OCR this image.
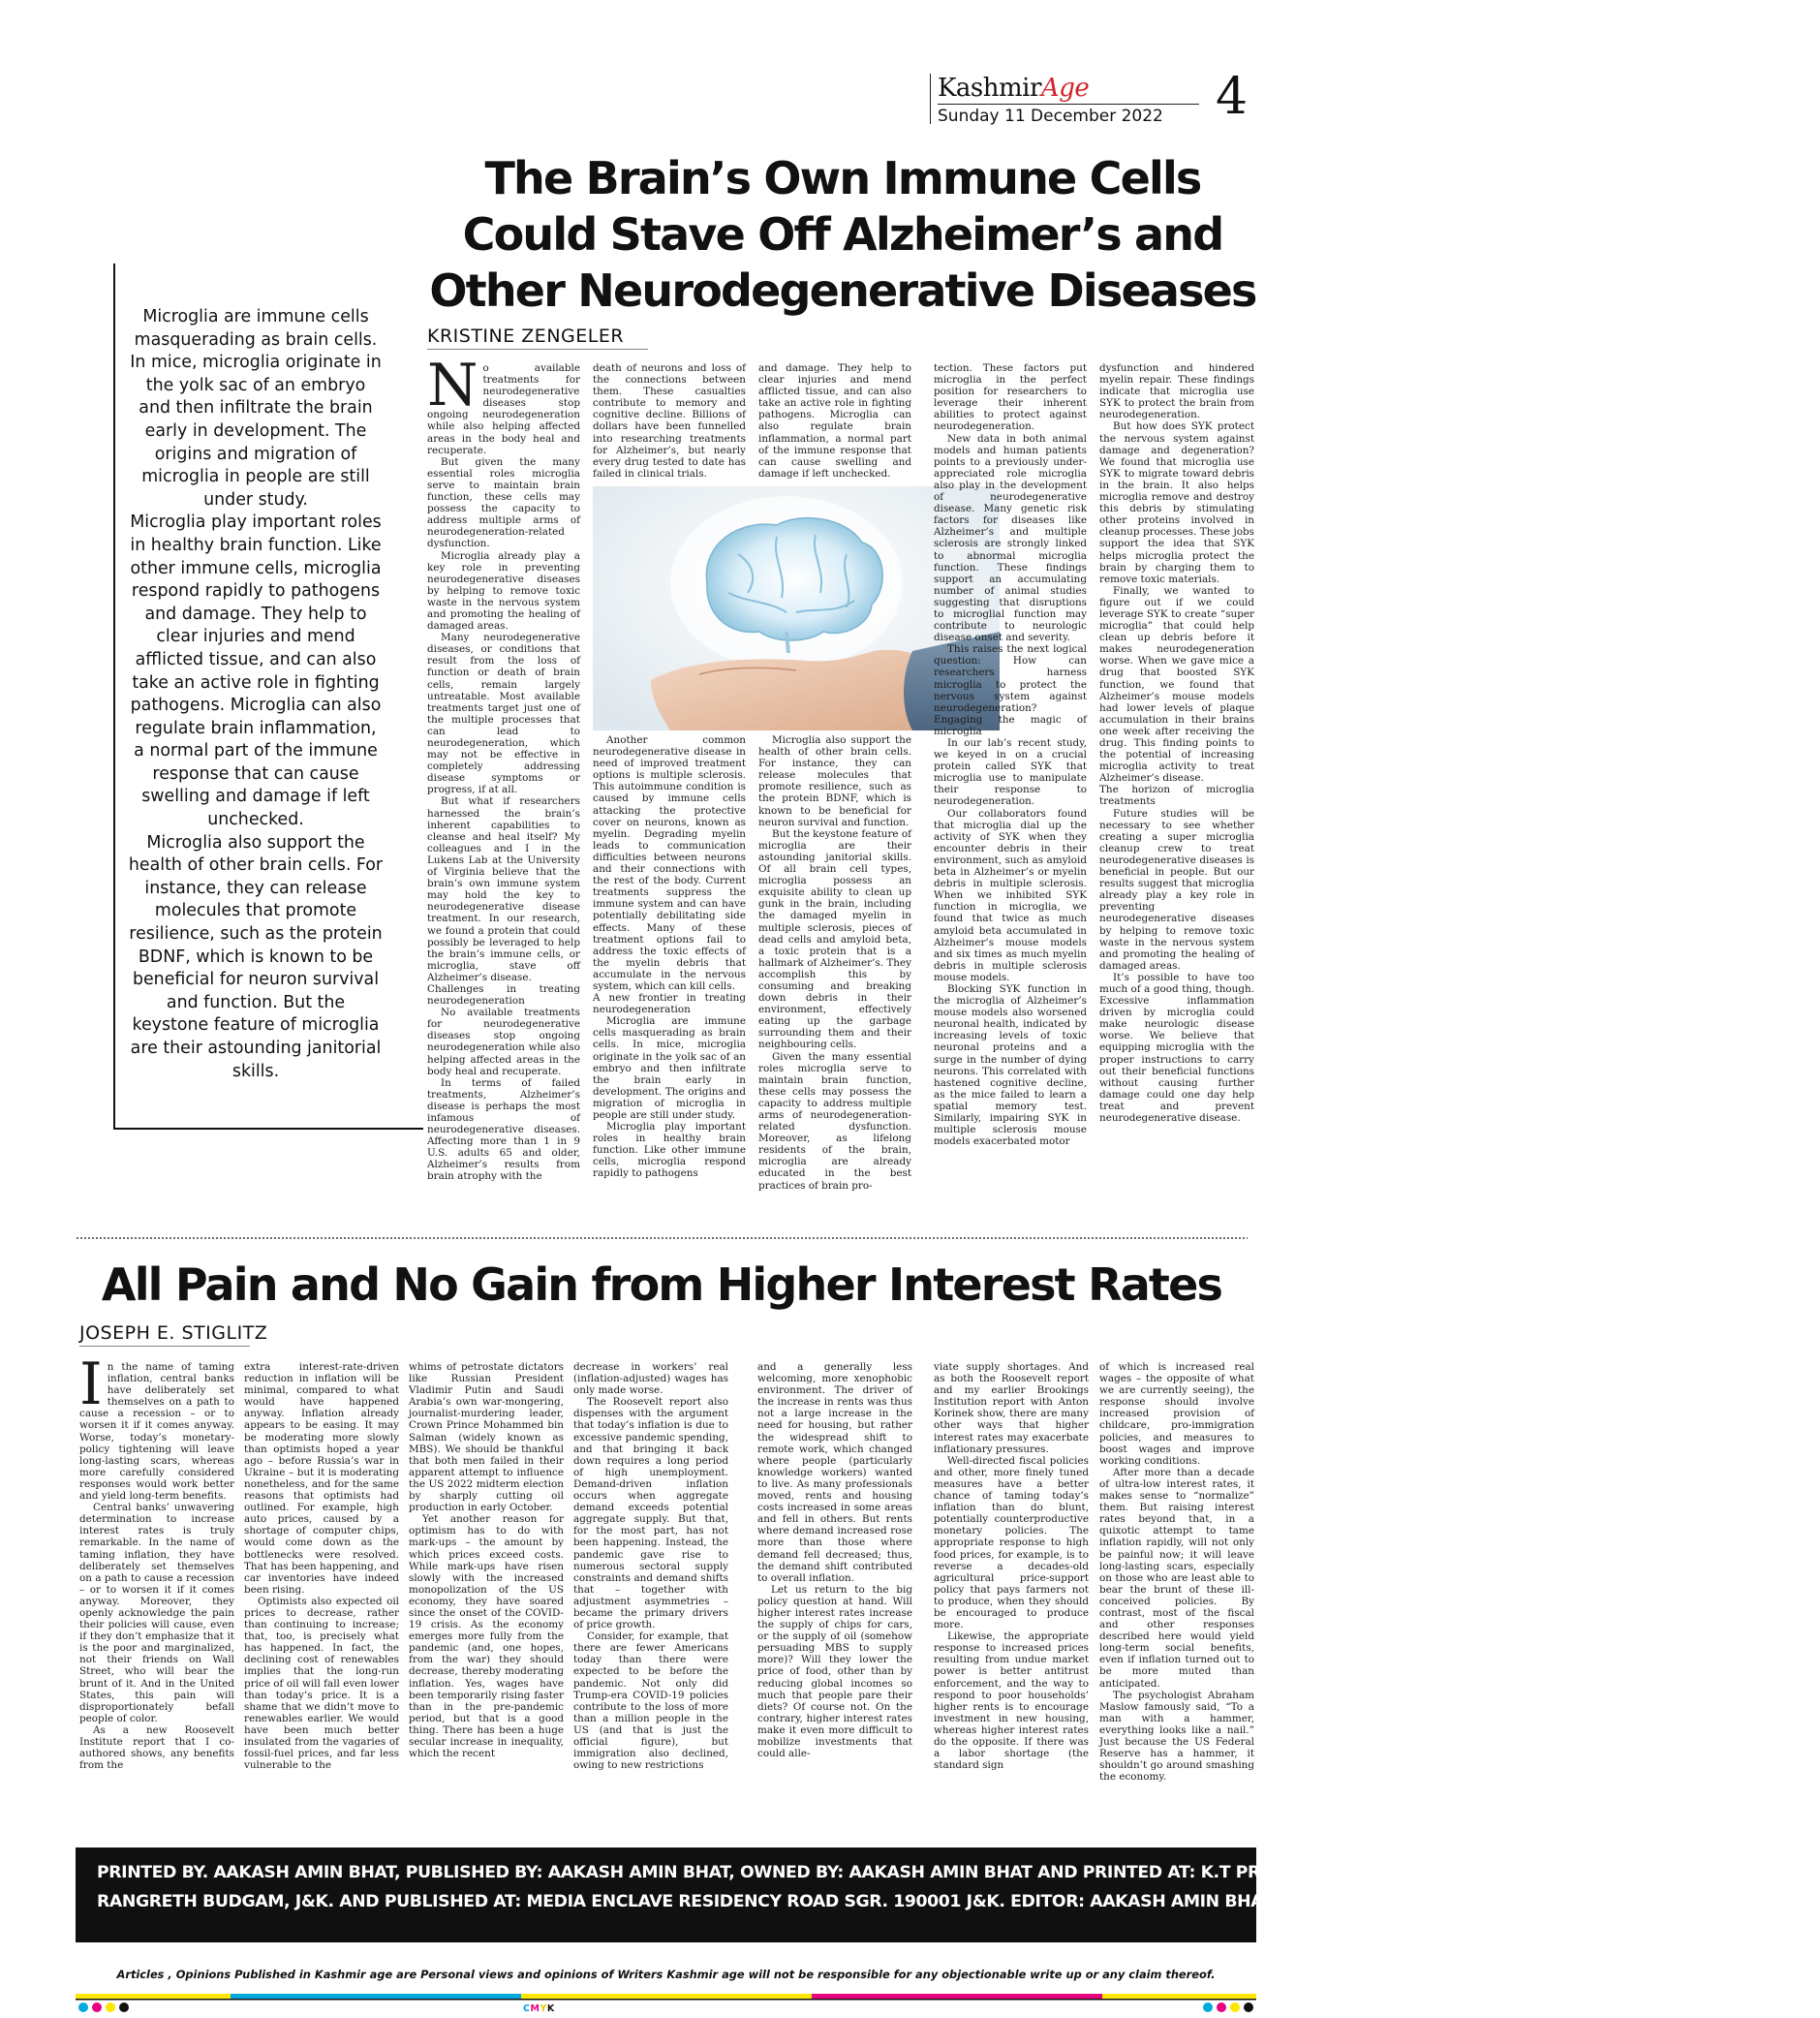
KashmirAge
Sunday 11 December 2022 4
The Brain’s Own Immune Cells Could Stave Off Alzheimer’s and Other Neurodegenerative Diseases
KRISTINE ZENGELER

Microglia are immune cells masquerading as brain cells. In mice, microglia originate in the yolk sac of an embryo and then infiltrate the brain early in development. The origins and migration of microglia in people are still under study.

Microglia play important roles in healthy brain function. Like other immune cells, microglia respond rapidly to pathogens and damage. They help to clear injuries and mend afflicted tissue, and can also take an active role in fighting pathogens. Microglia can also regulate brain inflammation, a normal part of the immune response that can cause swelling and damage if left unchecked.

Microglia also support the health of other brain cells. For instance, they can release molecules that promote resilience, such as the protein BDNF, which is known to be beneficial for neuron survival and function. But the keystone feature of microglia are their astounding janitorial skills.

No available treatments for neurodegenerative diseases stop ongoing neurodegeneration while also helping affected areas in the body heal and recuperate.

But given the many essential roles microglia serve to maintain brain function, these cells may possess the capacity to address multiple arms of neurodegeneration-related dysfunction.

Microglia already play a key role in preventing neurodegenerative diseases by helping to remove toxic waste in the nervous system and promoting the healing of damaged areas.

Many neurodegenerative diseases, or conditions that result from the loss of function or death of brain cells, remain largely untreatable. Most available treatments target just one of the multiple processes that can lead to neurodegeneration, which may not be effective in completely addressing disease symptoms or progress, if at all.

But what if researchers harnessed the brain’s inherent capabilities to cleanse and heal itself? My colleagues and I in the Lukens Lab at the University of Virginia believe that the brain’s own immune system may hold the key to neurodegenerative disease treatment. In our research, we found a protein that could possibly be leveraged to help the brain’s immune cells, or microglia, stave off Alzheimer’s disease.

Challenges in treating neurodegeneration

No available treatments for neurodegenerative diseases stop ongoing neurodegeneration while also helping affected areas in the body heal and recuperate.

In terms of failed treatments, Alzheimer’s disease is perhaps the most infamous of neurodegenerative diseases. Affecting more than 1 in 9 U.S. adults 65 and older, Alzheimer’s results from brain atrophy with the

death of neurons and loss of the connections between them. These casualties contribute to memory and cognitive decline. Billions of dollars have been funnelled into researching treatments for Alzheimer’s, but nearly every drug tested to date has failed in clinical trials.

and damage. They help to clear injuries and mend afflicted tissue, and can also take an active role in fighting pathogens. Microglia can also regulate brain inflammation, a normal part of the immune response that can cause swelling and damage if left unchecked.

Another common neurodegenerative disease in need of improved treatment options is multiple sclerosis. This autoimmune condition is caused by immune cells attacking the protective cover on neurons, known as myelin. Degrading myelin leads to communication difficulties between neurons and their connections with the rest of the body. Current treatments suppress the immune system and can have potentially debilitating side effects. Many of these treatment options fail to address the toxic effects of the myelin debris that accumulate in the nervous system, which can kill cells.

A new frontier in treating neurodegeneration

Microglia are immune cells masquerading as brain cells. In mice, microglia originate in the yolk sac of an embryo and then infiltrate the brain early in development. The origins and migration of microglia in people are still under study.

Microglia play important roles in healthy brain function. Like other immune cells, microglia respond rapidly to pathogens

Microglia also support the health of other brain cells. For instance, they can release molecules that promote resilience, such as the protein BDNF, which is known to be beneficial for neuron survival and function.

But the keystone feature of microglia are their astounding janitorial skills. Of all brain cell types, microglia possess an exquisite ability to clean up gunk in the brain, including the damaged myelin in multiple sclerosis, pieces of dead cells and amyloid beta, a toxic protein that is a hallmark of Alzheimer’s. They accomplish this by consuming and breaking down debris in their environment, effectively eating up the garbage surrounding them and their neighbouring cells.

Given the many essential roles microglia serve to maintain brain function, these cells may possess the capacity to address multiple arms of neurodegeneration-related dysfunction. Moreover, as lifelong residents of the brain, microglia are already educated in the best practices of brain pro-

tection. These factors put microglia in the perfect position for researchers to leverage their inherent abilities to protect against neurodegeneration.

New data in both animal models and human patients points to a previously under-appreciated role microglia also play in the development of neurodegenerative disease. Many genetic risk factors for diseases like Alzheimer’s and multiple sclerosis are strongly linked to abnormal microglia function. These findings support an accumulating number of animal studies suggesting that disruptions to microglial function may contribute to neurologic disease onset and severity.

This raises the next logical question: How can researchers harness microglia to protect the nervous system against neurodegeneration?

Engaging the magic of microglia

In our lab’s recent study, we keyed in on a crucial protein called SYK that microglia use to manipulate their response to neurodegeneration.

Our collaborators found that microglia dial up the activity of SYK when they encounter debris in their environment, such as amyloid beta in Alzheimer’s or myelin debris in multiple sclerosis. When we inhibited SYK function in microglia, we found that twice as much amyloid beta accumulated in Alzheimer’s mouse models and six times as much myelin debris in multiple sclerosis mouse models.

Blocking SYK function in the microglia of Alzheimer’s mouse models also worsened neuronal health, indicated by increasing levels of toxic neuronal proteins and a surge in the number of dying neurons. This correlated with hastened cognitive decline, as the mice failed to learn a spatial memory test. Similarly, impairing SYK in multiple sclerosis mouse models exacerbated motor

dysfunction and hindered myelin repair. These findings indicate that microglia use SYK to protect the brain from neurodegeneration.

But how does SYK protect the nervous system against damage and degeneration? We found that microglia use SYK to migrate toward debris in the brain. It also helps microglia remove and destroy this debris by stimulating other proteins involved in cleanup processes. These jobs support the idea that SYK helps microglia protect the brain by charging them to remove toxic materials.

Finally, we wanted to figure out if we could leverage SYK to create “super microglia” that could help clean up debris before it makes neurodegeneration worse. When we gave mice a drug that boosted SYK function, we found that Alzheimer’s mouse models had lower levels of plaque accumulation in their brains one week after receiving the drug. This finding points to the potential of increasing microglia activity to treat Alzheimer’s disease.

The horizon of microglia treatments

Future studies will be necessary to see whether creating a super microglia cleanup crew to treat neurodegenerative diseases is beneficial in people. But our results suggest that microglia already play a key role in preventing neurodegenerative diseases by helping to remove toxic waste in the nervous system and promoting the healing of damaged areas.

It’s possible to have too much of a good thing, though. Excessive inflammation driven by microglia could make neurologic disease worse. We believe that equipping microglia with the proper instructions to carry out their beneficial functions without causing further damage could one day help treat and prevent neurodegenerative disease.

All Pain and No Gain from Higher Interest Rates
JOSEPH E. STIGLITZ

In the name of taming inflation, central banks have deliberately set themselves on a path to cause a recession – or to worsen it if it comes anyway. Worse, today’s monetary-policy tightening will leave long-lasting scars, whereas more carefully considered responses would work better and yield long-term benefits.

Central banks’ unwavering determination to increase interest rates is truly remarkable. In the name of taming inflation, they have deliberately set themselves on a path to cause a recession – or to worsen it if it comes anyway. Moreover, they openly acknowledge the pain their policies will cause, even if they don’t emphasize that it is the poor and marginalized, not their friends on Wall Street, who will bear the brunt of it. And in the United States, this pain will disproportionately befall people of color.

As a new Roosevelt Institute report that I co-authored shows, any benefits from the

extra interest-rate-driven reduction in inflation will be minimal, compared to what would have happened anyway. Inflation already appears to be easing. It may be moderating more slowly than optimists hoped a year ago – before Russia’s war in Ukraine – but it is moderating nonetheless, and for the same reasons that optimists had outlined. For example, high auto prices, caused by a shortage of computer chips, would come down as the bottlenecks were resolved. That has been happening, and car inventories have indeed been rising.

Optimists also expected oil prices to decrease, rather than continuing to increase; that, too, is precisely what has happened. In fact, the declining cost of renewables implies that the long-run price of oil will fall even lower than today’s price. It is a shame that we didn’t move to renewables earlier. We would have been much better insulated from the vagaries of fossil-fuel prices, and far less vulnerable to the

whims of petrostate dictators like Russian President Vladimir Putin and Saudi Arabia’s own war-mongering, journalist-murdering leader, Crown Prince Mohammed bin Salman (widely known as MBS). We should be thankful that both men failed in their apparent attempt to influence the US 2022 midterm election by sharply cutting oil production in early October.

Yet another reason for optimism has to do with mark-ups – the amount by which prices exceed costs. While mark-ups have risen slowly with the increased monopolization of the US economy, they have soared since the onset of the COVID-19 crisis. As the economy emerges more fully from the pandemic (and, one hopes, from the war) they should decrease, thereby moderating inflation. Yes, wages have been temporarily rising faster than in the pre-pandemic period, but that is a good thing. There has been a huge secular increase in inequality, which the recent

decrease in workers’ real (inflation-adjusted) wages has only made worse.

The Roosevelt report also dispenses with the argument that today’s inflation is due to excessive pandemic spending, and that bringing it back down requires a long period of high unemployment. Demand-driven inflation occurs when aggregate demand exceeds potential aggregate supply. But that, for the most part, has not been happening. Instead, the pandemic gave rise to numerous sectoral supply constraints and demand shifts that – together with adjustment asymmetries – became the primary drivers of price growth.

Consider, for example, that there are fewer Americans today than there were expected to be before the pandemic. Not only did Trump-era COVID-19 policies contribute to the loss of more than a million people in the US (and that is just the official figure), but immigration also declined, owing to new restrictions

and a generally less welcoming, more xenophobic environment. The driver of the increase in rents was thus not a large increase in the need for housing, but rather the widespread shift to remote work, which changed where people (particularly knowledge workers) wanted to live. As many professionals moved, rents and housing costs increased in some areas and fell in others. But rents where demand increased rose more than those where demand fell decreased; thus, the demand shift contributed to overall inflation.

Let us return to the big policy question at hand. Will higher interest rates increase the supply of chips for cars, or the supply of oil (somehow persuading MBS to supply more)? Will they lower the price of food, other than by reducing global incomes so much that people pare their diets? Of course not. On the contrary, higher interest rates make it even more difficult to mobilize investments that could alle-

viate supply shortages. And as both the Roosevelt report and my earlier Brookings Institution report with Anton Korinek show, there are many other ways that higher interest rates may exacerbate inflationary pressures.

Well-directed fiscal policies and other, more finely tuned measures have a better chance of taming today’s inflation than do blunt, potentially counterproductive monetary policies. The appropriate response to high food prices, for example, is to reverse a decades-old agricultural price-support policy that pays farmers not to produce, when they should be encouraged to produce more.

Likewise, the appropriate response to increased prices resulting from undue market power is better antitrust enforcement, and the way to respond to poor households’ higher rents is to encourage investment in new housing, whereas higher interest rates do the opposite. If there was a labor shortage (the standard sign

of which is increased real wages – the opposite of what we are currently seeing), the response should involve increased provision of childcare, pro-immigration policies, and measures to boost wages and improve working conditions.

After more than a decade of ultra-low interest rates, it makes sense to “normalize” them. But raising interest rates beyond that, in a quixotic attempt to tame inflation rapidly, will not only be painful now; it will leave long-lasting scars, especially on those who are least able to bear the brunt of these ill-conceived policies. By contrast, most of the fiscal and other responses described here would yield long-term social benefits, even if inflation turned out to be more muted than anticipated.

The psychologist Abraham Maslow famously said, “To a man with a hammer, everything looks like a nail.” Just because the US Federal Reserve has a hammer, it shouldn’t go around smashing the economy.

PRINTED BY. AAKASH AMIN BHAT, PUBLISHED BY: AAKASH AMIN BHAT, OWNED BY: AAKASH AMIN BHAT AND PRINTED AT: K.T PRESS PVT. LTD.120- ELECTRONIC COMPLEX INDUSTRIAL ESTATE

RANGRETH BUDGAM, J&K. AND PUBLISHED AT: MEDIA ENCLAVE RESIDENCY ROAD SGR. 190001 J&K. EDITOR: AAKASH AMIN BHAT, JKENG/2006/23952

Articles , Opinions Published in Kashmir age are Personal views and opinions of Writers Kashmir age will not be responsible for any objectionable write up or any claim thereof.
CMYK
